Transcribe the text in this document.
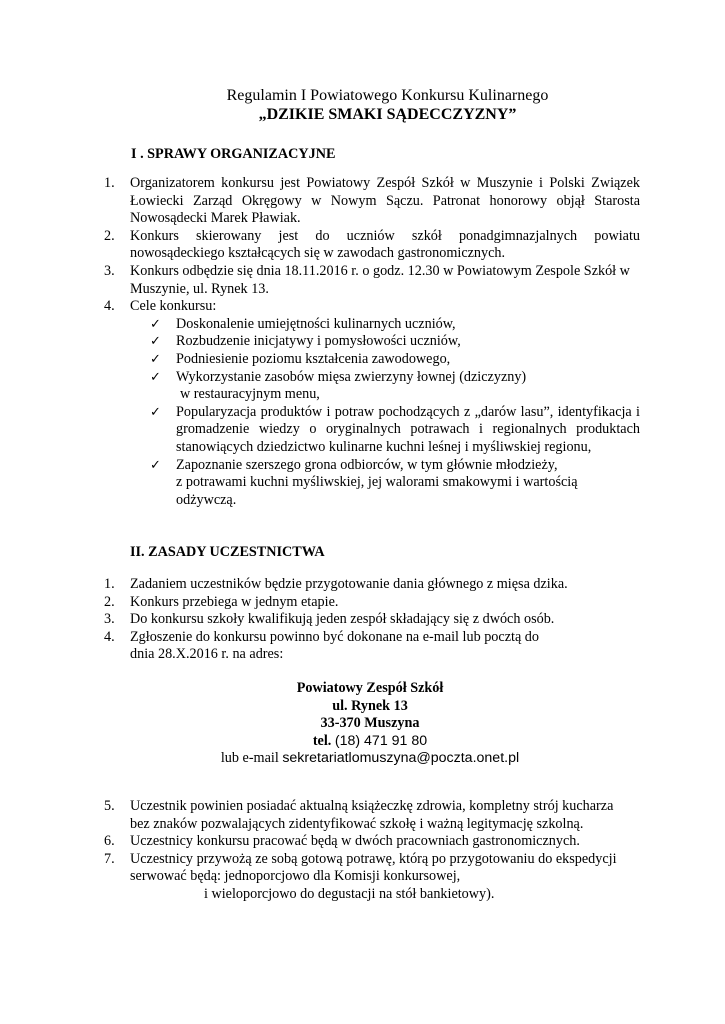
Regulamin I Powiatowego Konkursu Kulinarnego
„DZIKIE SMAKI SĄDECCZYZNY”
I . SPRAWY ORGANIZACYJNE
1. Organizatorem konkursu jest Powiatowy Zespół Szkół w Muszynie i Polski Związek Łowiecki Zarząd Okręgowy w Nowym Sączu. Patronat honorowy objął Starosta Nowosądecki Marek Pławiak.
2. Konkurs skierowany jest do uczniów szkół ponadgimnazjalnych powiatu nowosądeckiego kształcących się w zawodach gastronomicznych.
3. Konkurs odbędzie się dnia 18.11.2016 r. o godz. 12.30 w Powiatowym Zespole Szkół w Muszynie, ul. Rynek 13.
4. Cele konkursu:
✓ Doskonalenie umiejętności kulinarnych uczniów,
✓ Rozbudzenie inicjatywy i pomysłowości uczniów,
✓ Podniesienie poziomu kształcenia zawodowego,
✓ Wykorzystanie zasobów mięsa zwierzyny łownej (dziczyzny)
w restauracyjnym menu,
✓ Popularyzacja produktów i potraw pochodzących z „darów lasu”, identyfikacja i gromadzenie wiedzy o oryginalnych potrawach i regionalnych produktach stanowiących dziedzictwo kulinarne kuchni leśnej i myśliwskiej regionu,
✓ Zapoznanie szerszego grona odbiorców, w tym głównie młodzieży,
z potrawami kuchni myśliwskiej, jej walorami smakowymi i wartością
odżywczą.
II. ZASADY UCZESTNICTWA
1. Zadaniem uczestników będzie przygotowanie dania głównego z mięsa dzika.
2. Konkurs przebiega w jednym etapie.
3. Do konkursu szkoły kwalifikują jeden zespół składający się z dwóch osób.
4. Zgłoszenie do konkursu powinno być dokonane na e-mail lub pocztą do dnia 28.X.2016 r. na adres:
Powiatowy Zespół Szkół
ul. Rynek 13
33-370 Muszyna
tel. (18) 471 91 80
lub e-mail sekretariatlomuszyna@poczta.onet.pl
5. Uczestnik powinien posiadać aktualną książeczkę zdrowia, kompletny strój kucharza bez znaków pozwalających zidentyfikować szkołę i ważną legitymację szkolną.
6. Uczestnicy konkursu pracować będą w dwóch pracowniach gastronomicznych.
7. Uczestnicy przywożą ze sobą gotową potrawę, którą po przygotowaniu do ekspedycji serwować będą: jednoporcjowo dla Komisji konkursowej,
i wieloporcjowo do degustacji na stół bankietowy).
